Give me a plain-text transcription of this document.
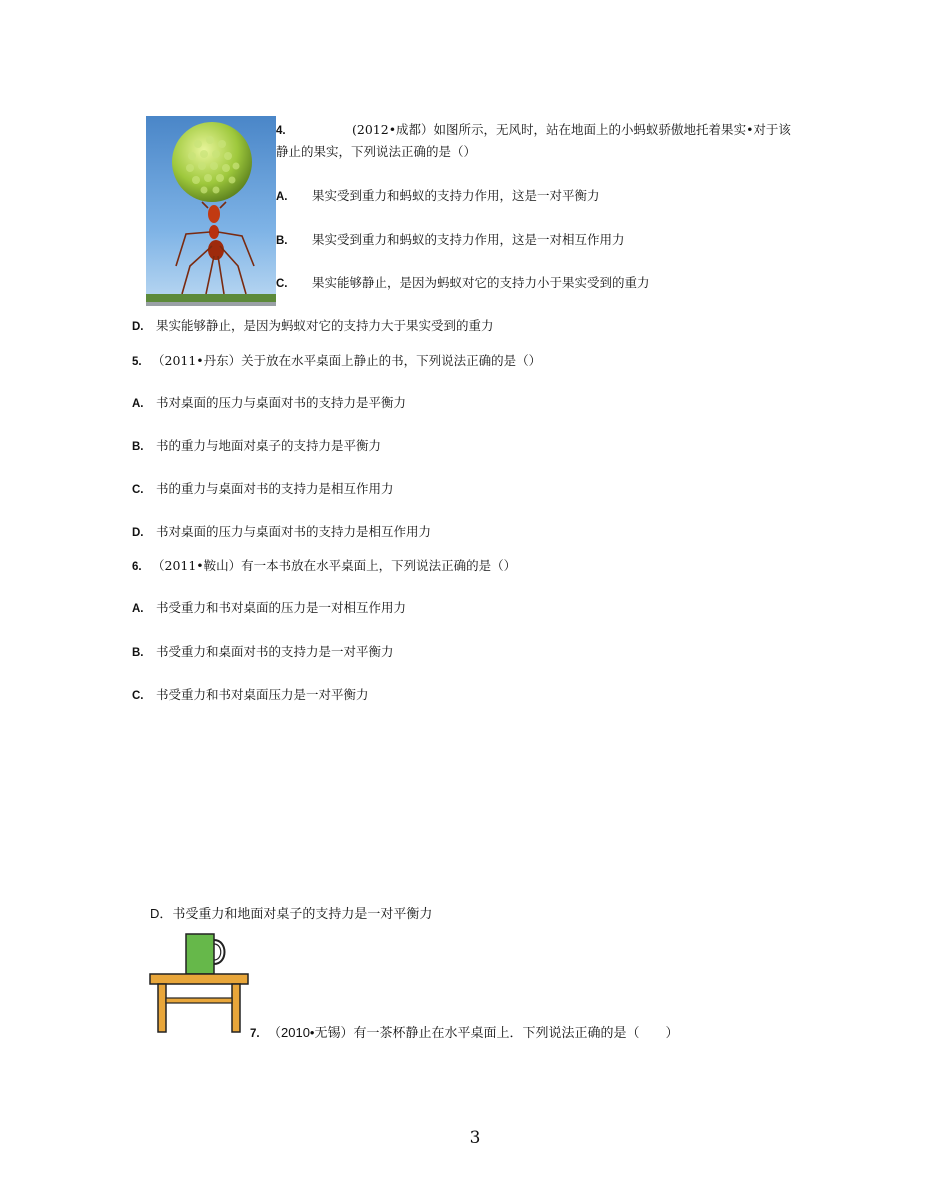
4.	(2012•成都）如图所示，无风时，站在地面上的小蚂蚁骄傲地托着果实•对于该
静止的果实，下列说法正确的是（）
A. 果实受到重力和蚂蚁的支持力作用，这是一对平衡力
B. 果实受到重力和蚂蚁的支持力作用，这是一对相互作用力
C. 果实能够静止，是因为蚂蚁对它的支持力小于果实受到的重力
D. 果实能够静止，是因为蚂蚁对它的支持力大于果实受到的重力
5. （2011•丹东）关于放在水平桌面上静止的书，下列说法正确的是（）
A. 书对桌面的压力与桌面对书的支持力是平衡力
B. 书的重力与地面对桌子的支持力是平衡力
C. 书的重力与桌面对书的支持力是相互作用力
D. 书对桌面的压力与桌面对书的支持力是相互作用力
6. （2011•鞍山）有一本书放在水平桌面上，下列说法正确的是（）
A. 书受重力和书对桌面的压力是一对相互作用力
B. 书受重力和桌面对书的支持力是一对平衡力
C. 书受重力和书对桌面压力是一对平衡力
D．书受重力和地面对桌子的支持力是一对平衡力
7. （2010•无锡）有一茶杯静止在水平桌面上．下列说法正确的是（　　）
3
